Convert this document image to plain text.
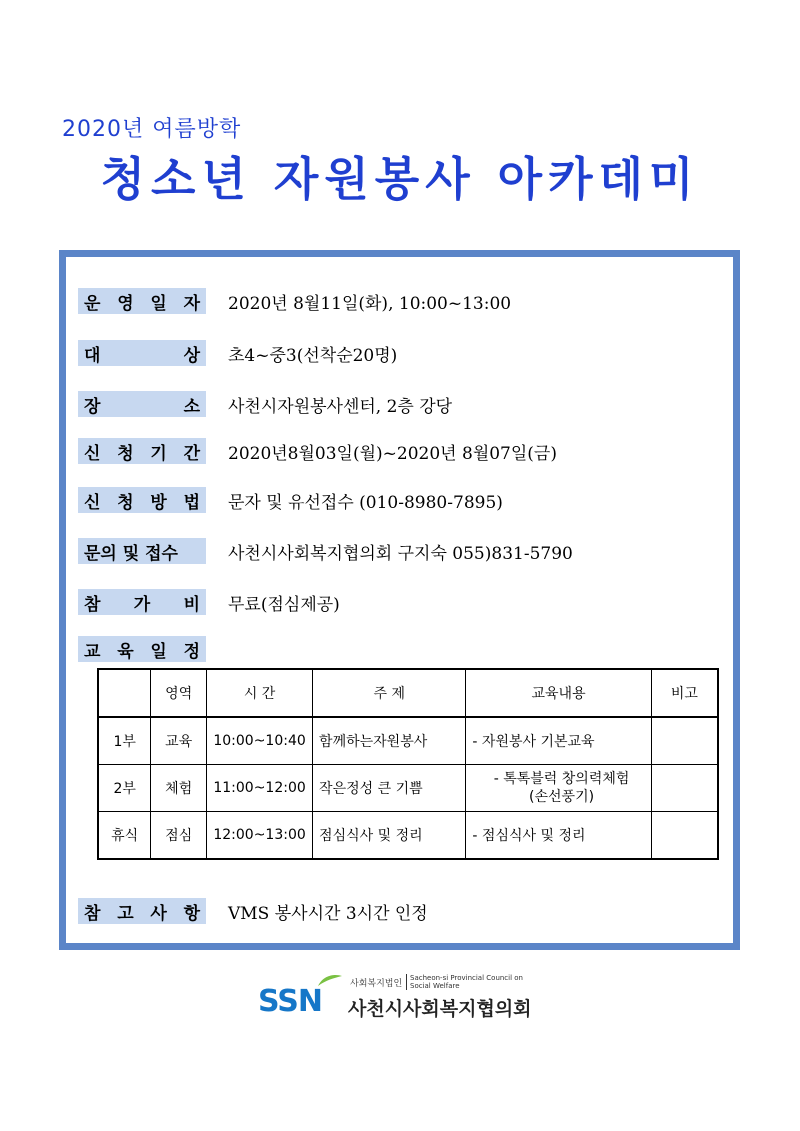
2020년 여름방학
청소년 자원봉사 아카데미
운 영 일 자 2020년 8월11일(화), 10:00~13:00
대	상 초4~중3(선착순20명)
장	소 사천시자원봉사센터, 2층 강당
신 청 기 간 2020년8월03일(월)~2020년 8월07일(금)
신 청 방 법 문자 및 유선접수 (010-8980-7895)
문의 및 접수	사천시사회복지협의회 구지숙 055)831-5790
참 가 비 무료(점심제공)
교 육 일 정
	영역	시 간	주 제	교육내용	비고
1부	교육	10:00~10:40	함께하는자원봉사	- 자원봉사 기본교육	
2부	체험	11:00~12:00	작은정성 큰 기쁨	- 톡톡블럭 창의력체험
(손선풍기)	
휴식	점심	12:00~13:00	점심식사 및 정리	- 점심식사 및 정리	
참 고 사 항 VMS 봉사시간 3시간 인정
SSN	사회복지법인
Sacheon-si Provincial Council on Social Welfare
사천시사회복지협의회
